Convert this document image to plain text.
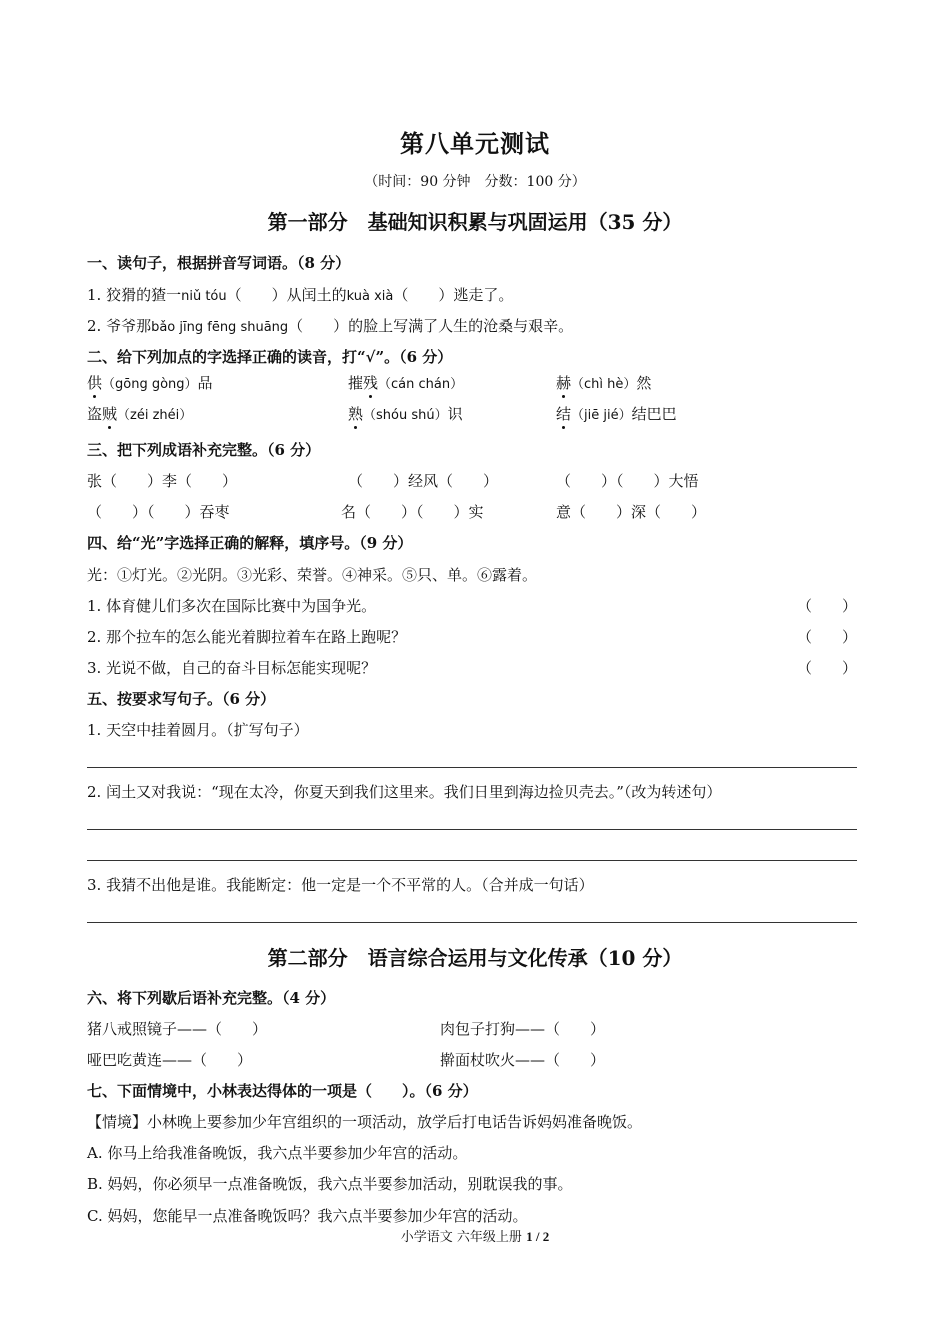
第八单元测试
（时间：90 分钟　分数：100 分）
第一部分　基础知识积累与巩固运用（35 分）
一、读句子，根据拼音写词语。（8 分）
1. 狡猾的猹一niǔ tóu（　　）从闰土的kuà xià（　　）逃走了。
2. 爷爷那bǎo jīng fēng shuāng（　　）的脸上写满了人生的沧桑与艰辛。
二、给下列加点的字选择正确的读音，打“√”。（6 分）
供（gōng gòng）品	摧残（cán chán）	赫（chì hè）然
盗贼（zéi zhéi）	熟（shóu shú）识	结（jiē jié）结巴巴
三、把下列成语补充完整。（6 分）
张（　　）李（　　）	（　　）经风（　　）	（　　）（　　）大悟
（　　）（　　）吞枣	名（　　）（　　）实	意（　　）深（　　）
四、给“光”字选择正确的解释，填序号。（9 分）
光：①灯光。②光阴。③光彩、荣誉。④神采。⑤只、单。⑥露着。
1. 体育健儿们多次在国际比赛中为国争光。	（　　）
2. 那个拉车的怎么能光着脚拉着车在路上跑呢？	（　　）
3. 光说不做，自己的奋斗目标怎能实现呢？	（　　）
五、按要求写句子。（6 分）
1. 天空中挂着圆月。（扩写句子）
2. 闰土又对我说：“现在太冷，你夏天到我们这里来。我们日里到海边捡贝壳去。”（改为转述句）
3. 我猜不出他是谁。我能断定：他一定是一个不平常的人。（合并成一句话）
第二部分　语言综合运用与文化传承（10 分）
六、将下列歇后语补充完整。（4 分）
猪八戒照镜子——（　　）	肉包子打狗——（　　）
哑巴吃黄连——（　　）	擀面杖吹火——（　　）
七、下面情境中，小林表达得体的一项是（　　）。（6 分）
【情境】小林晚上要参加少年宫组织的一项活动，放学后打电话告诉妈妈准备晚饭。
A. 你马上给我准备晚饭，我六点半要参加少年宫的活动。
B. 妈妈，你必须早一点准备晚饭，我六点半要参加活动，别耽误我的事。
C. 妈妈，您能早一点准备晚饭吗？我六点半要参加少年宫的活动。
小学语文 六年级上册 1 / 2
